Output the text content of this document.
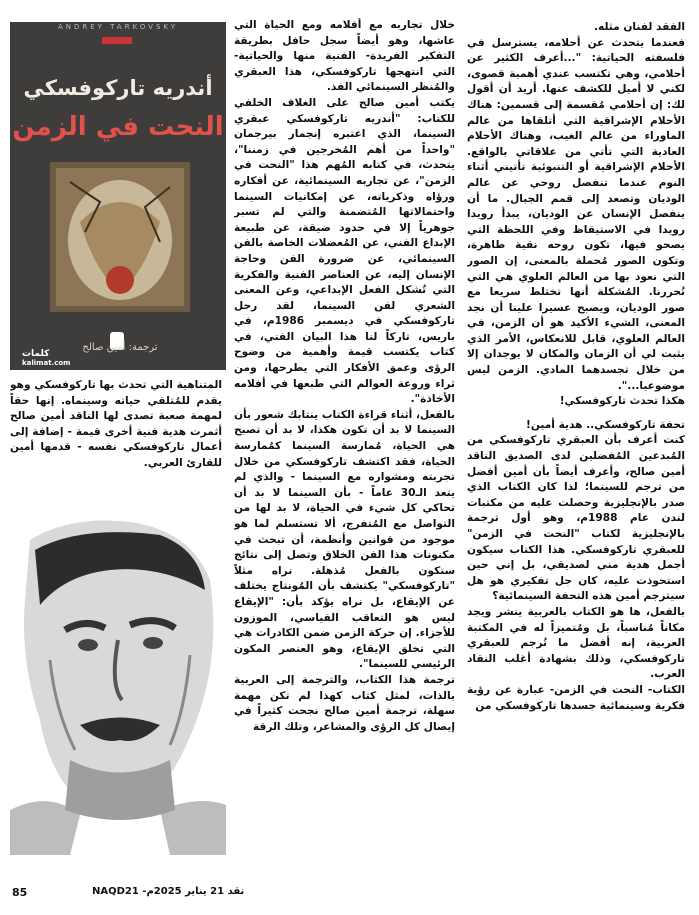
الفقد لفنان مثله.

فعندما يتحدث عن أحلامه، يسترسل في فلسفته الحياتية: "...أعرف الكثير عن أحلامي، وهي تكتسب عندي أهمية قصوى، لكني لا أميل للكشف عنها. أريد أن أقول لك: إن أحلامي مُقسمة إلى قسمين: هناك الأحلام الإشراقية التي أتلقاها من عالم الماوراء من عالم الغيب، وهناك الأحلام العادية التي تأتي من علاقاتي بالواقع. الأحلام الإشراقية أو التنبوئية تأتيني أثناء النوم عندما تنفصل روحي عن عالم الوديان وتصعد إلى قمم الجبال. ما أن ينفصل الإنسان عن الوديان، يبدأ رويدا رويدا في الاستيقاظ وفي اللحظة التي يصحو فيها، تكون روحه نقية طاهرة، وتكون الصور مُحملة بالمعنى، إن الصور التي نعود بها من العالم العلوي هي التي تُحررنا. المُشكلة أنها تختلط سريعا مع صور الوديان، ويصبح عسيرا علينا أن نجد المعنى، الشيء الأكيد هو أن الزمن، في العالم العلوي، قابل للانعكاس، الأمر الذي يثبت لي أن الزمان والمكان لا يوجدان إلا من خلال تجسدهما المادي. الزمن ليس موضوعيا...".

هكذا تحدث تاركوفسكي!

تحفة تاركوفسكي.. هدية أمين!

كنت أعرف بأن العبقري تاركوفسكي من المُبدعين المُفضلين لدى الصديق الناقد أمين صالح، وأعرف أيضاً بأن أمين أفضل من ترجم للسينما؛ لذا كان الكتاب الذي صدر بالإنجليزية وحصلت عليه من مكتبات لندن عام 1988م، وهو أول ترجمة بالإنجليزية لكتاب "النحت في الزمن" للعبقري تاركوفسكي. هذا الكتاب سيكون أجمل هدية مني لصديقي، بل إني حين استحوذت عليه، كان جل تفكيري هو هل سيترجم أمين هذه التحفة السينمائية؟

بالفعل، ها هو الكتاب بالعربية ينشر ويجد مكاناً مُناسباً، بل ومُتميزاً له في المكتبة العربية، إنه أفضل ما تُرجم للعبقري تاركوفسكي، وذلك بشهادة أغلب النقاد العرب.

الكتاب- النحت في الزمن- عبارة عن رؤية فكرية وسينمائية جسدها تاركوفسكي من

خلال تجاربه مع أفلامه ومع الحياة التي عاشها، وهو أيضاً سجل حافل بطريقة التفكير الفريدة- الفنية منها والحياتية- التي انتهجها تاركوفسكي، هذا العبقري والمُنظر السينمائي الفذ.

يكتب أمين صالح على الغلاف الخلفي للكتاب: "أندريه تاركوفسكي عبقري السينما، الذي اعتبره إنجمار بيرجمان "واحداً من أهم المُخرجين في زمننا"، يتحدث، في كتابه المُهم هذا "النحت في الزمن"، عن تجاربه السينمائية، عن أفكاره ورؤاه وذكرياته، عن إمكانيات السينما واحتمالاتها المُتضمنة والتي لم تسبر جوهرياً إلا في حدود ضيقة، عن طبيعة الإبداع الفني، عن المُعضلات الخاصة بالفن السينمائي، عن ضرورة الفن وحاجة الإنسان إليه، عن العناصر الفنية والفكرية التي تُشكل الفعل الإبداعي، وعن المعنى الشعري لفن السينما، لقد رحل تاركوفسكي في ديسمبر 1986م، في باريس، تاركاً لنا هذا البيان الفني، في كتاب يكتسب قيمة وأهمية من وضوح الرؤى وعمق الأفكار التي يطرحها، ومن ثراء وروعة العوالم التي طبعها في أفلامه الأخاذة".

بالفعل، أثناء قراءة الكتاب ينتابك شعور بأن السينما لا بد أن تكون هكذا، لا بد أن تصبح هي الحياة، مُمارسة السينما كمُمارسة الحياة، فقد اكتشف تاركوفسكي من خلال تجربته ومشواره مع السينما - والذي لم يتعد الـ30 عاماً - بأن السينما لا بد أن تحاكي كل شيء في الحياة، لا بد لها من التواصل مع المُتفرج، ألا تستسلم لما هو موجود من قوانين وأنظمة، أن تبحث في مكنونات هذا الفن الخلاق وتصل إلى نتائج ستكون بالفعل مُذهلة. نراه مثلاً "تاركوفسكي" يكتشف بأن المُونتاج يختلف عن الإيقاع، بل نراه يؤكد بأن: "الإيقاع ليس هو التعاقب القياسي، الموزون للأجزاء. إن حركة الزمن ضمن الكادرات هي التي تخلق الإيقاع، وهو العنصر المكون الرئيسي للسينما".

ترجمة هذا الكتاب، والترجمة إلى العربية بالذات، لمثل كتاب كهذا لم تكن مهمة سهلة، ترجمة أمين صالح نجحت كثيراً في إيصال كل الرؤى والمشاعر، وتلك الرقة

ANDREY TARKOVSKY
أندريه تاركوفسكي
النحت في الزمن
ترجمة: أمين صالح
كلمات
kalimat.com

المتناهية التي تحدث بها تاركوفسكي وهو يقدم للمُتلقي حياته وسينماه. إنها حقاً لمهمة صعبة تصدى لها الناقد أمين صالح أثمرت هدية فنية أخرى قيمة - إضافة إلى أعمال تاركوفسكي نفسه - قدمها أمين للقارئ العربي.

85	نقد 21 يناير 2025م- NAQD21
